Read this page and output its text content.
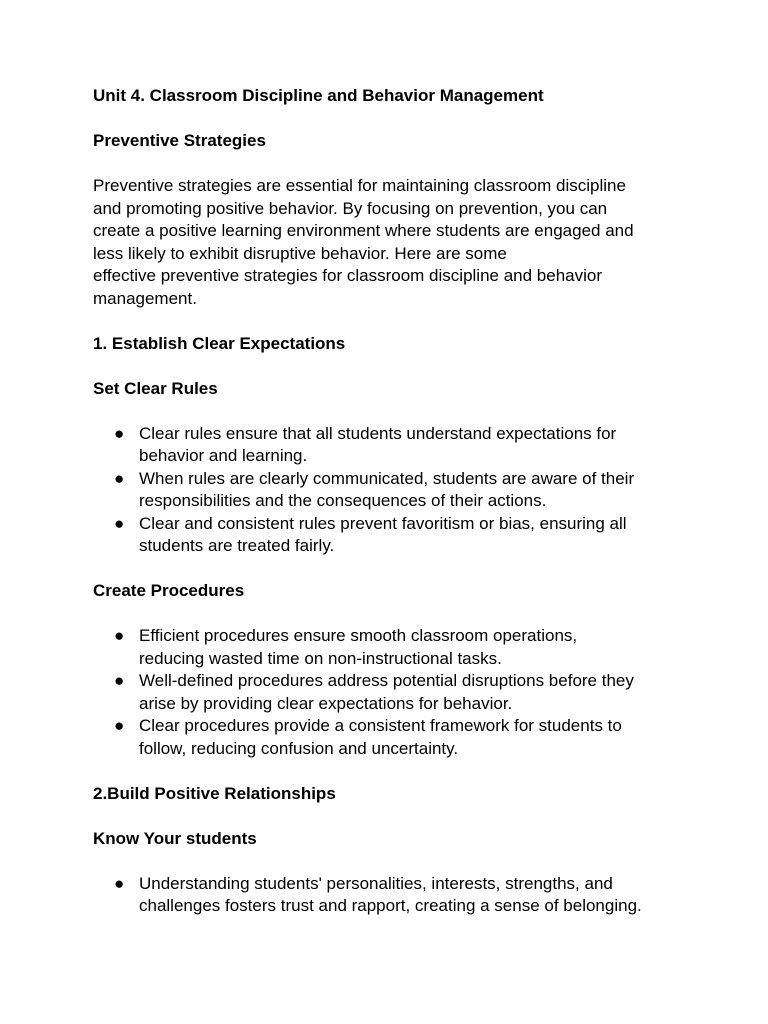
Unit 4. Classroom Discipline and Behavior Management

Preventive Strategies

Preventive strategies are essential for maintaining classroom discipline
and promoting positive behavior. By focusing on prevention, you can
create a positive learning environment where students are engaged and
less likely to exhibit disruptive behavior. Here are some
effective preventive strategies for classroom discipline and behavior
management.

1. Establish Clear Expectations

Set Clear Rules

● Clear rules ensure that all students understand expectations for
behavior and learning.
● When rules are clearly communicated, students are aware of their
responsibilities and the consequences of their actions.
● Clear and consistent rules prevent favoritism or bias, ensuring all
students are treated fairly.

Create Procedures

● Efficient procedures ensure smooth classroom operations,
reducing wasted time on non-instructional tasks.
● Well-defined procedures address potential disruptions before they
arise by providing clear expectations for behavior.
● Clear procedures provide a consistent framework for students to
follow, reducing confusion and uncertainty.

2.Build Positive Relationships

Know Your students

● Understanding students' personalities, interests, strengths, and
challenges fosters trust and rapport, creating a sense of belonging.
